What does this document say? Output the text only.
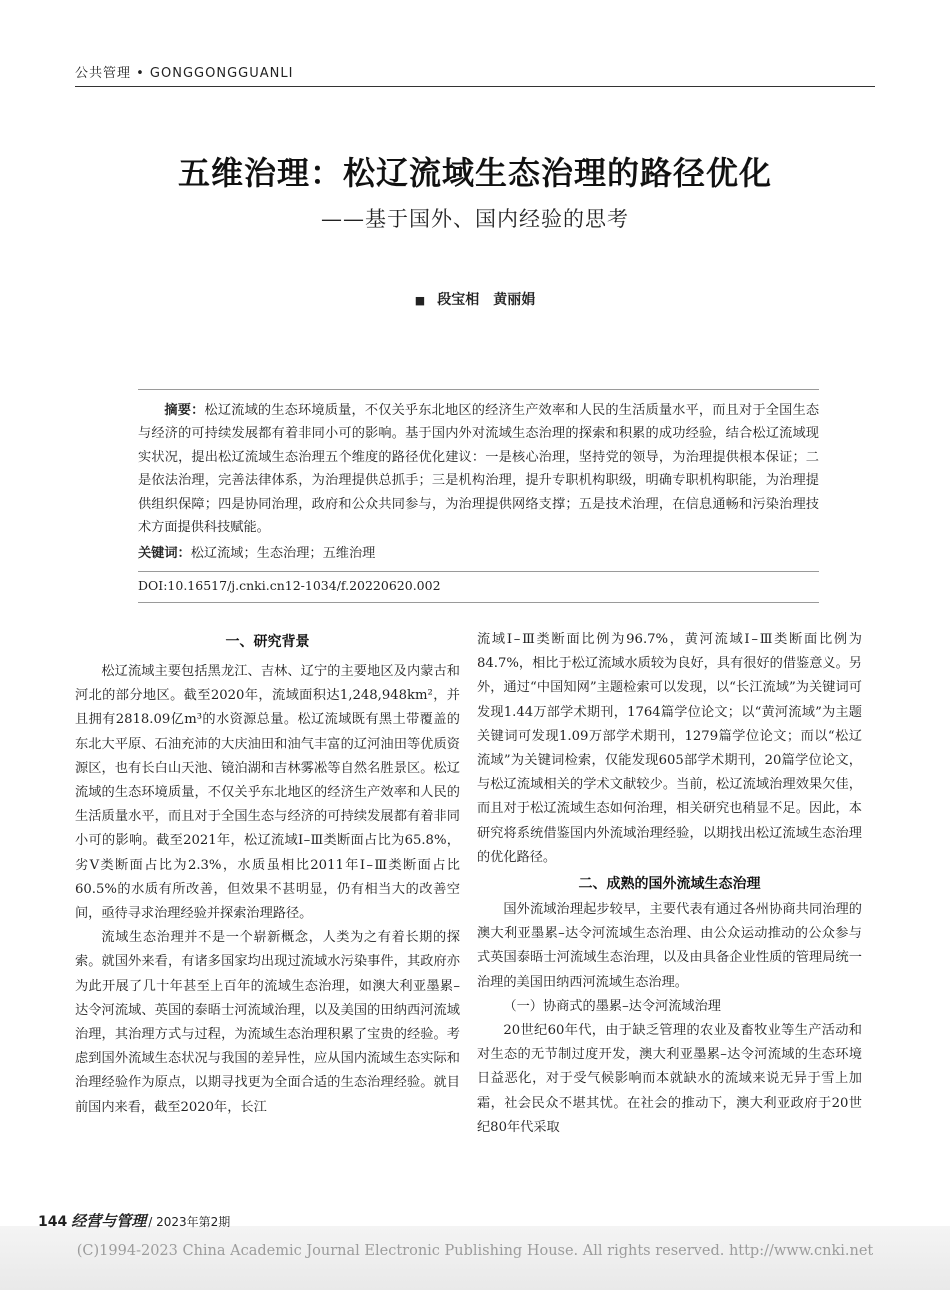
公共管理 • GONGGONGGUANLI
五维治理：松辽流域生态治理的路径优化
——基于国外、国内经验的思考
■ 段宝相　黄丽娟
摘要：松辽流域的生态环境质量，不仅关乎东北地区的经济生产效率和人民的生活质量水平，而且对于全国生态与经济的可持续发展都有着非同小可的影响。基于国内外对流域生态治理的探索和积累的成功经验，结合松辽流域现实状况，提出松辽流域生态治理五个维度的路径优化建议：一是核心治理，坚持党的领导，为治理提供根本保证；二是依法治理，完善法律体系，为治理提供总抓手；三是机构治理，提升专职机构职级，明确专职机构职能，为治理提供组织保障；四是协同治理，政府和公众共同参与，为治理提供网络支撑；五是技术治理，在信息通畅和污染治理技术方面提供科技赋能。
关键词：松辽流域；生态治理；五维治理
DOI:10.16517/j.cnki.cn12-1034/f.20220620.002
一、研究背景

松辽流域主要包括黑龙江、吉林、辽宁的主要地区及内蒙古和河北的部分地区。截至2020年，流域面积达1,248,948km²，并且拥有2818.09亿m³的水资源总量。松辽流域既有黑土带覆盖的东北大平原、石油充沛的大庆油田和油气丰富的辽河油田等优质资源区，也有长白山天池、镜泊湖和吉林雾凇等自然名胜景区。松辽流域的生态环境质量，不仅关乎东北地区的经济生产效率和人民的生活质量水平，而且对于全国生态与经济的可持续发展都有着非同小可的影响。截至2021年，松辽流域Ⅰ–Ⅲ类断面占比为65.8%，劣Ⅴ类断面占比为2.3%，水质虽相比2011年Ⅰ–Ⅲ类断面占比60.5%的水质有所改善，但效果不甚明显，仍有相当大的改善空间，亟待寻求治理经验并探索治理路径。

流域生态治理并不是一个崭新概念，人类为之有着长期的探索。就国外来看，有诸多国家均出现过流域水污染事件，其政府亦为此开展了几十年甚至上百年的流域生态治理，如澳大利亚墨累–达令河流域、英国的泰晤士河流域治理，以及美国的田纳西河流域治理，其治理方式与过程，为流域生态治理积累了宝贵的经验。考虑到国外流域生态状况与我国的差异性，应从国内流域生态实际和治理经验作为原点，以期寻找更为全面合适的生态治理经验。就目前国内来看，截至2020年，长江

流域Ⅰ–Ⅲ类断面比例为96.7%，黄河流域Ⅰ–Ⅲ类断面比例为84.7%，相比于松辽流域水质较为良好，具有很好的借鉴意义。另外，通过“中国知网”主题检索可以发现，以“长江流域”为关键词可发现1.44万部学术期刊，1764篇学位论文；以“黄河流域”为主题关键词可发现1.09万部学术期刊，1279篇学位论文；而以“松辽流域”为关键词检索，仅能发现605部学术期刊，20篇学位论文，与松辽流域相关的学术文献较少。当前，松辽流域治理效果欠佳，而且对于松辽流域生态如何治理，相关研究也稍显不足。因此，本研究将系统借鉴国内外流域治理经验，以期找出松辽流域生态治理的优化路径。

二、成熟的国外流域生态治理

国外流域治理起步较早，主要代表有通过各州协商共同治理的澳大利亚墨累–达令河流域生态治理、由公众运动推动的公众参与式英国泰晤士河流域生态治理，以及由具备企业性质的管理局统一治理的美国田纳西河流域生态治理。

（一）协商式的墨累–达令河流域治理

20世纪60年代，由于缺乏管理的农业及畜牧业等生产活动和对生态的无节制过度开发，澳大利亚墨累–达令河流域的生态环境日益恶化，对于受气候影响而本就缺水的流域来说无异于雪上加霜，社会民众不堪其忧。在社会的推动下，澳大利亚政府于20世纪80年代采取

144 经营与管理 / 2023年第2期
(C)1994-2023 China Academic Journal Electronic Publishing House. All rights reserved. http://www.cnki.net
